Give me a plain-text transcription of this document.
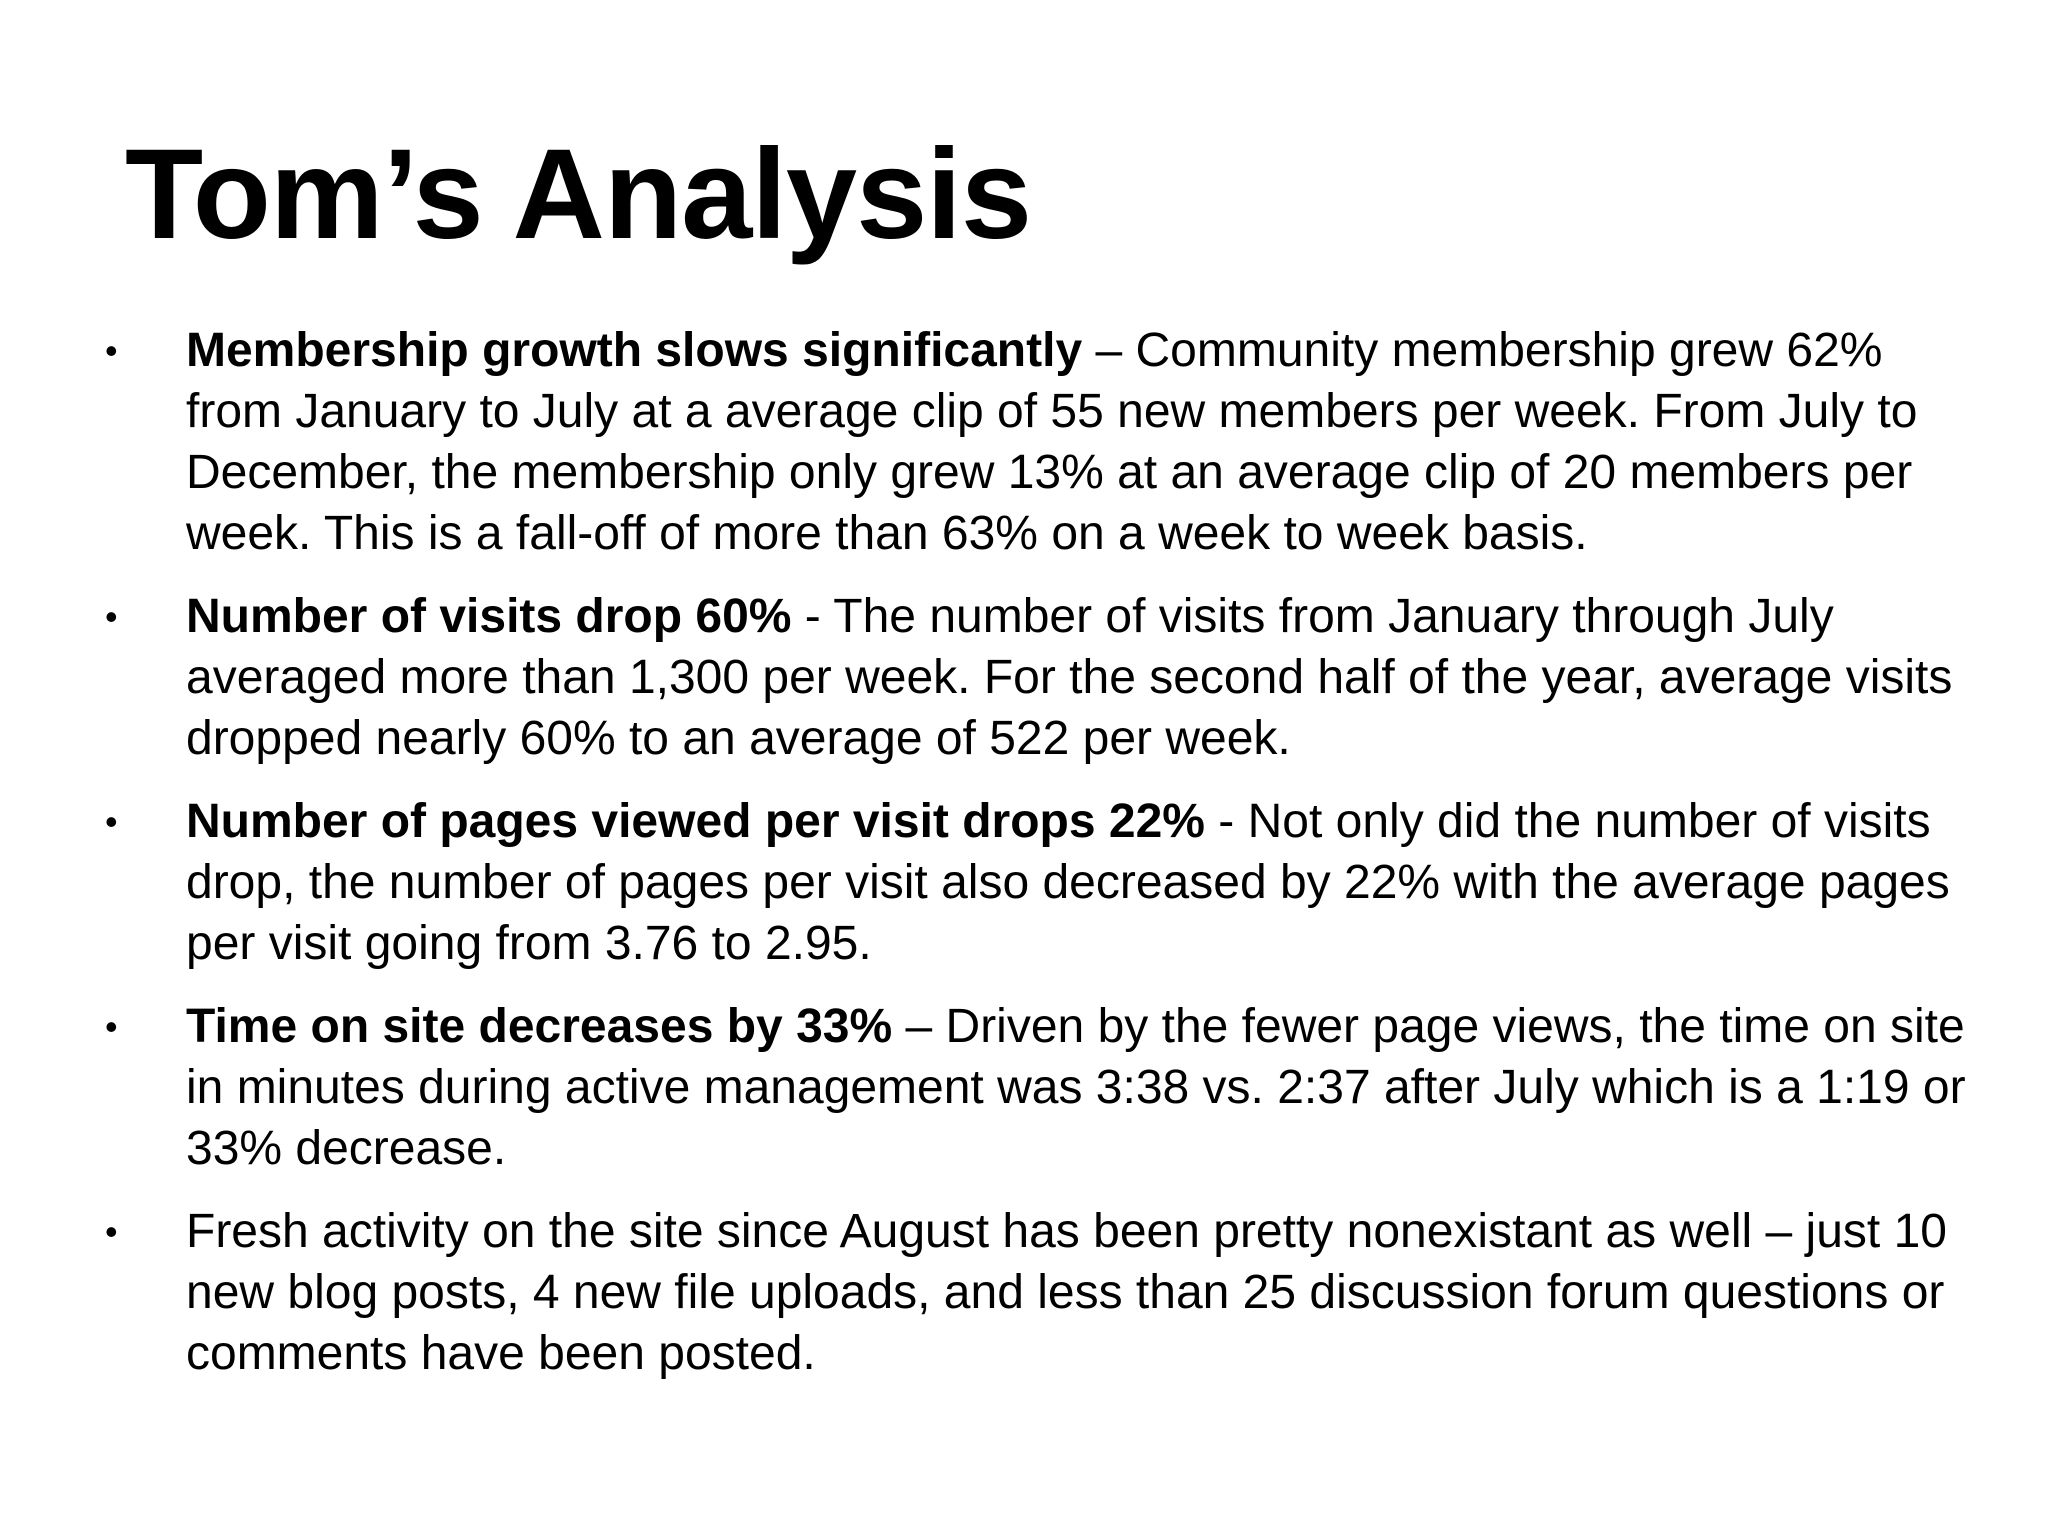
Tom’s Analysis
• Membership growth slows significantly – Community membership grew 62% from January to July at a average clip of 55 new members per week. From July to December, the membership only grew 13% at an average clip of 20 members per week. This is a fall-off of more than 63% on a week to week basis.
• Number of visits drop 60% - The number of visits from January through July averaged more than 1,300 per week. For the second half of the year, average visits dropped nearly 60% to an average of 522 per week.
• Number of pages viewed per visit drops 22% - Not only did the number of visits drop, the number of pages per visit also decreased by 22% with the average pages per visit going from 3.76 to 2.95.
• Time on site decreases by 33% – Driven by the fewer page views, the time on site in minutes during active management was 3:38 vs. 2:37 after July which is a 1:19 or 33% decrease.
• Fresh activity on the site since August has been pretty nonexistant as well – just 10 new blog posts, 4 new file uploads, and less than 25 discussion forum questions or comments have been posted.
